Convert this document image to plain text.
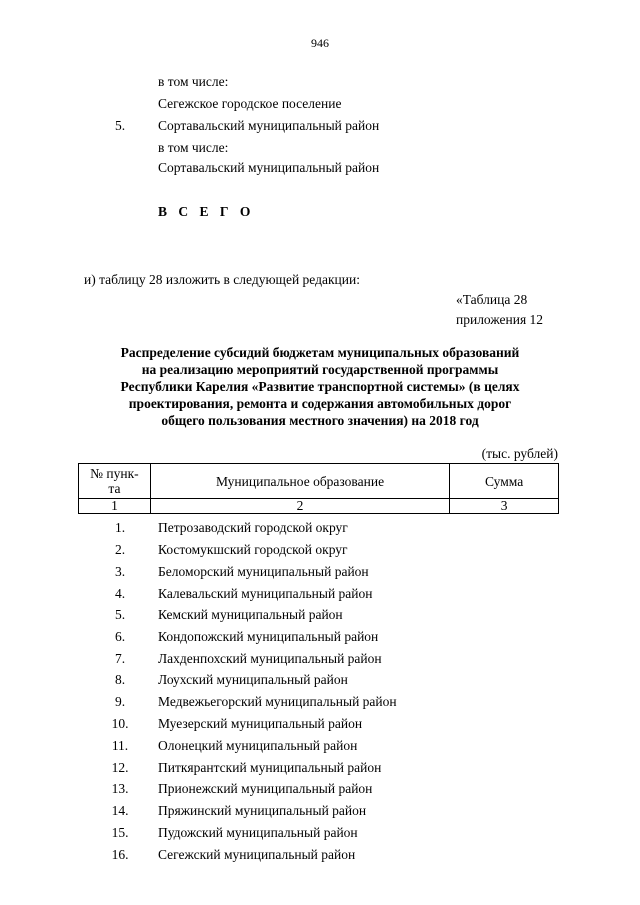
946
в том числе:
Сегежское городское поселение
5.	Сортавальский муниципальный район
в том числе:
Сортавальский муниципальный район
В С Е Г О
и) таблицу 28 изложить в следующей редакции:
«Таблица 28
приложения 12
Распределение субсидий бюджетам муниципальных образований
на реализацию мероприятий государственной программы
Республики Карелия «Развитие транспортной системы» (в целях
проектирования, ремонта и содержания автомобильных дорог
общего пользования местного значения) на 2018 год
(тыс. рублей)
№ пунк-
та	Муниципальное образование	Сумма
1	2	3
1.	Петрозаводский городской округ
2.	Костомукшский городской округ
3.	Беломорский муниципальный район
4.	Калевальский муниципальный район
5.	Кемский муниципальный район
6.	Кондопожский муниципальный район
7.	Лахденпохский муниципальный район
8.	Лоухский муниципальный район
9.	Медвежьегорский муниципальный район
10.	Муезерский муниципальный район
11.	Олонецкий муниципальный район
12.	Питкярантский муниципальный район
13.	Прионежский муниципальный район
14.	Пряжинский муниципальный район
15.	Пудожский муниципальный район
16.	Сегежский муниципальный район
